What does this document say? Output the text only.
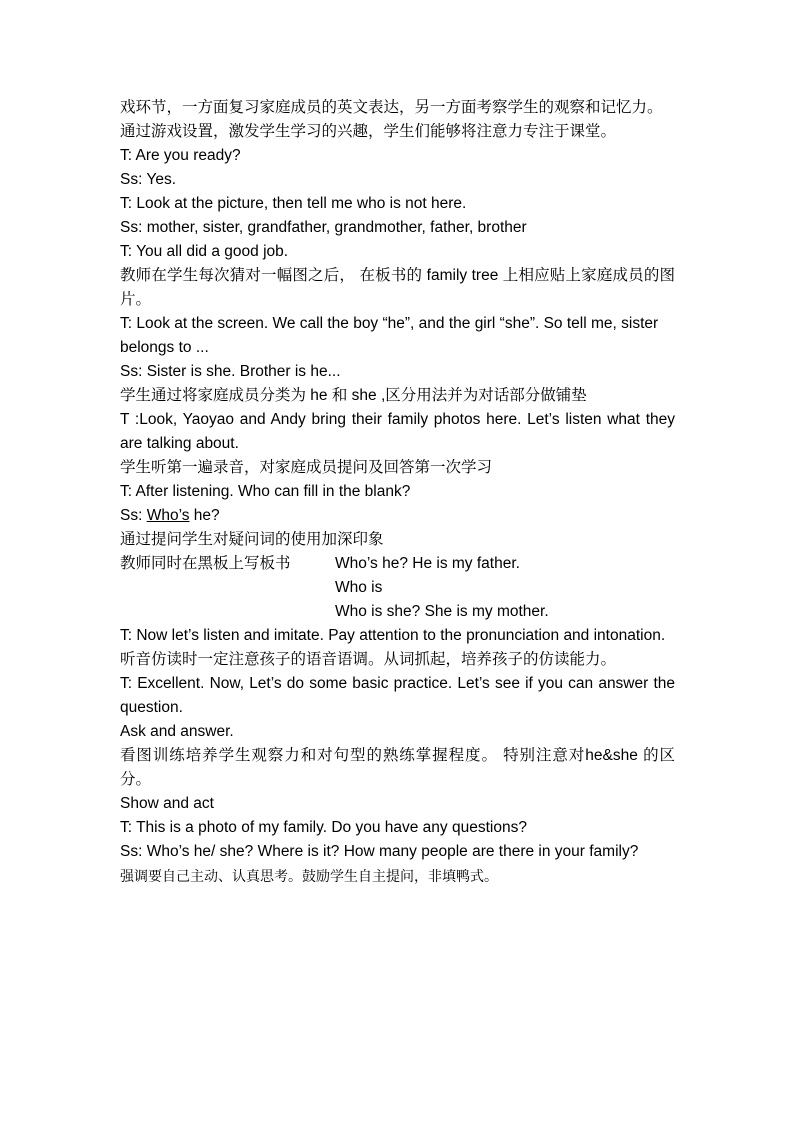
戏环节，一方面复习家庭成员的英文表达，另一方面考察学生的观察和记忆力。

通过游戏设置，激发学生学习的兴趣，学生们能够将注意力专注于课堂。

T: Are you ready?

Ss: Yes.

T: Look at the picture, then tell me who is not here.

Ss: mother, sister, grandfather, grandmother, father, brother

T: You all did a good job.

教师在学生每次猜对一幅图之后， 在板书的 family tree 上相应贴上家庭成员的图片。

T: Look at the screen. We call the boy “he”, and the girl “she”. So tell me, sister belongs to ...

Ss: Sister is she. Brother is he...

学生通过将家庭成员分类为 he 和 she ,区分用法并为对话部分做铺垫

T :Look, Yaoyao and Andy bring their family photos here. Let’s listen what they are talking about.

学生听第一遍录音，对家庭成员提问及回答第一次学习

T: After listening. Who can fill in the blank?

Ss: Who’s he?

通过提问学生对疑问词的使用加深印象

教师同时在黑板上写板书	Who’s he? He is my father.
Who is
Who is she? She is my mother.

T: Now let’s listen and imitate. Pay attention to the pronunciation and intonation.

听音仿读时一定注意孩子的语音语调。从词抓起，培养孩子的仿读能力。

T: Excellent. Now, Let’s do some basic practice. Let’s see if you can answer the question.

Ask and answer.

看图训练培养学生观察力和对句型的熟练掌握程度。 特别注意对he&she 的区分。

Show and act

T: This is a photo of my family. Do you have any questions?

Ss: Who’s he/ she? Where is it? How many people are there in your family?

强调要自己主动、认真思考。鼓励学生自主提问，非填鸭式。
